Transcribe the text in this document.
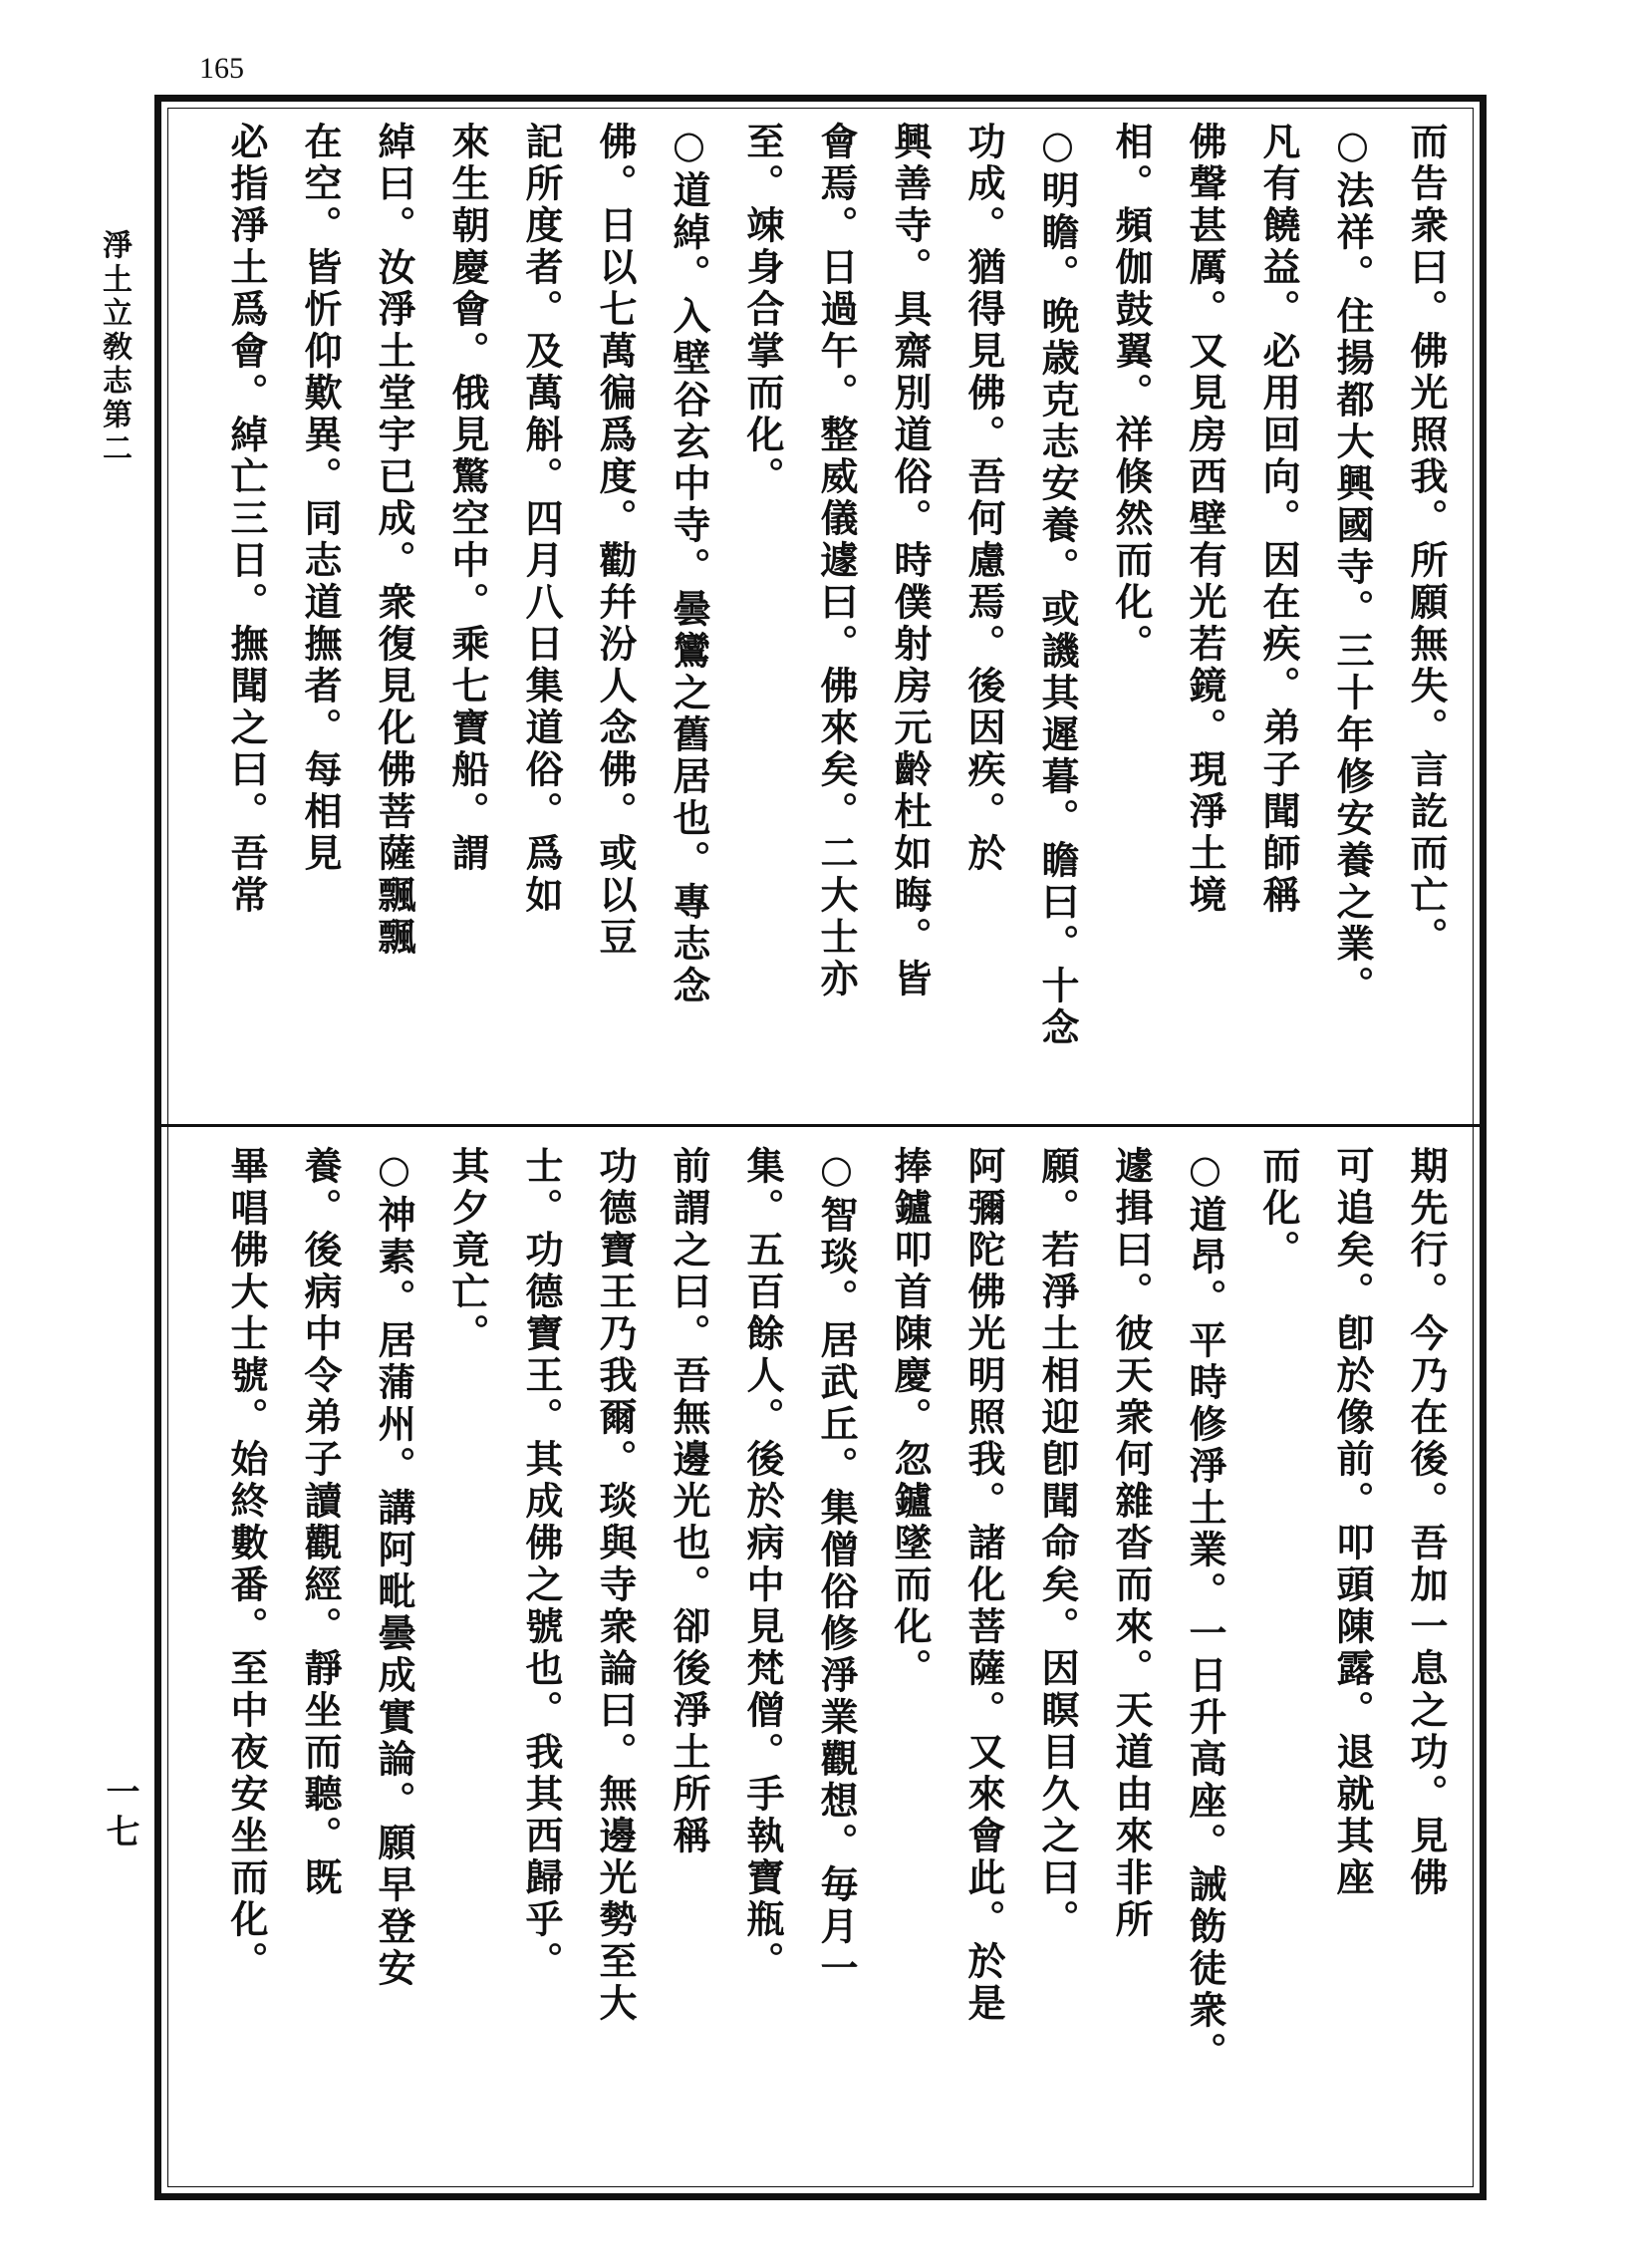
165
淨土立敎志第二
一七
而告衆曰。佛光照我。所願無失。言訖而亡。
○法祥。住揚都大興國寺。三十年修安養之業。
凡有饒益。必用回向。因在疾。弟子聞師稱
佛聲甚厲。又見房西壁有光若鏡。現淨土境
相。頻伽鼓翼。祥倏然而化。
○明瞻。晩歳克志安養。或譏其遲暮。瞻曰。十念
功成。猶得見佛。吾何慮焉。後因疾。於
興善寺。具齋別道俗。時僕射房元齡杜如晦。皆
會焉。日過午。整威儀遽曰。佛來矣。二大士亦
至。竦身合掌而化。
○道綽。入壁谷玄中寺。曇鸞之舊居也。專志念
佛。日以七萬徧爲度。勸幷汾人念佛。或以豆
記所度者。及萬斛。四月八日集道俗。爲如
來生朝慶會。俄見驚空中。乘七寶船。謂
綽曰。汝淨土堂宇已成。衆復見化佛菩薩飄飄
在空。皆忻仰歎異。同志道撫者。每相見
必指淨土爲會。綽亡三日。撫聞之曰。吾常
期先行。今乃在後。吾加一息之功。見佛
可追矣。卽於像前。叩頭陳露。退就其座
而化。
○道昂。平時修淨土業。一日升高座。誡飭徒衆。
遽揖曰。彼天衆何雜沓而來。天道由來非所
願。若淨土相迎卽聞命矣。因瞑目久之曰。
阿彌陀佛光明照我。諸化菩薩。又來會此。於是
捧鑪叩首陳慶。忽鑪墜而化。
○智琰。居武丘。集僧俗修淨業觀想。毎月一
集。五百餘人。後於病中見梵僧。手執寶瓶。
前謂之曰。吾無邊光也。卻後淨土所稱
功德寶王乃我爾。琰與寺衆論曰。無邊光勢至大
士。功德寶王。其成佛之號也。我其西歸乎。
其夕竟亡。
○神素。居蒲州。講阿毗曇成實論。願早登安
養。後病中令弟子讀觀經。靜坐而聽。既
畢唱佛大士號。始終數番。至中夜安坐而化。
